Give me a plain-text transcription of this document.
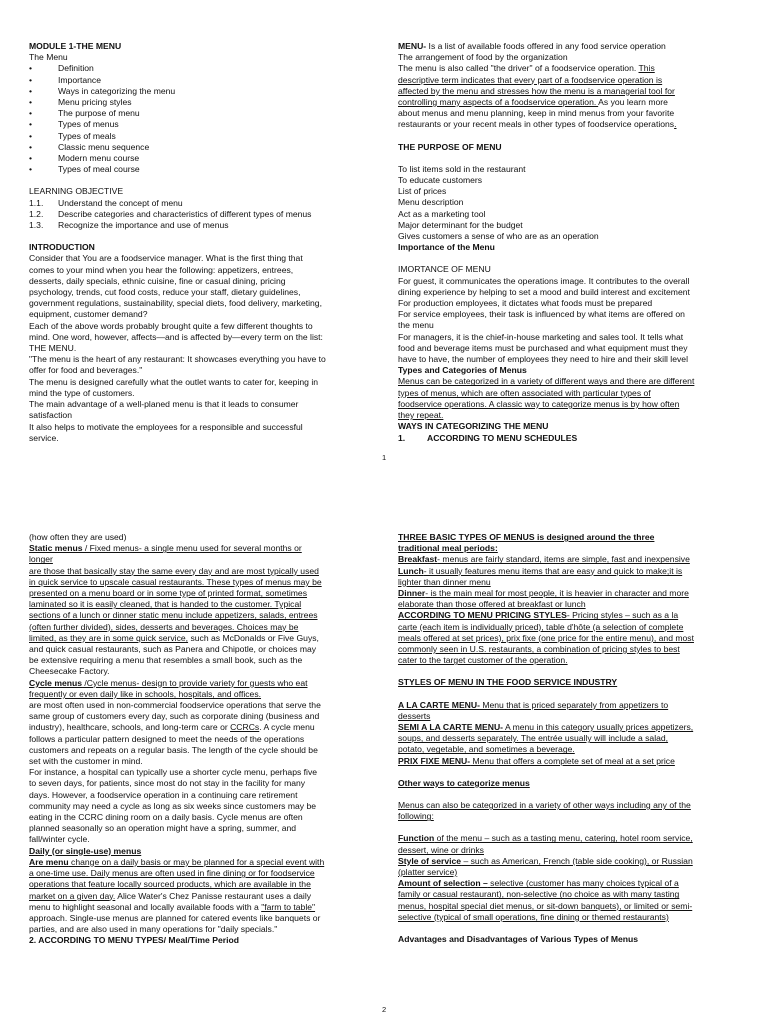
MODULE 1-THE MENU
The Menu
•	Definition
•	Importance
•	Ways in categorizing the menu
•	Menu pricing styles
•	The purpose of menu
•	Types of menus
•	Types of meals
•	Classic menu sequence
•	Modern menu course
•	Types of meal course
LEARNING OBJECTIVE
1.1. Understand the concept of menu
1.2. Describe categories and characteristics of different types of menus
1.3. Recognize the importance and use of menus
INTRODUCTION
Consider that You are a foodservice manager. What is the first thing that
comes to your mind when you hear the following: appetizers, entrees,
desserts, daily specials, ethnic cuisine, fine or casual dining, pricing
psychology, trends, cut food costs, reduce your staff, dietary guidelines,
government regulations, sustainability, special diets, food delivery, marketing,
equipment, customer demand?
Each of the above words probably brought quite a few different thoughts to
mind. One word, however, affects—and is affected by—every term on the list:
THE MENU.
"The menu is the heart of any restaurant: It showcases everything you have to
offer for food and beverages."
The menu is designed carefully what the outlet wants to cater for, keeping in
mind the type of customers.
The main advantage of a well-planed menu is that it leads to consumer
satisfaction
It also helps to motivate the employees for a responsible and successful
service.
MENU- Is a list of available foods offered in any food service operation
The arrangement of food by the organization
The menu is also called "the driver" of a foodservice operation. This
descriptive term indicates that every part of a foodservice operation is
affected by the menu and stresses how the menu is a managerial tool for
controlling many aspects of a foodservice operation. As you learn more
about menus and menu planning, keep in mind menus from your favorite
restaurants or your recent meals in other types of foodservice operations.
THE PURPOSE OF MENU
To list items sold in the restaurant
To educate customers
List of prices
Menu description
Act as a marketing tool
Major determinant for the budget
Gives customers a sense of who are as an operation
Importance of the Menu
IMORTANCE OF MENU
For guest, it communicates the operations image. It contributes to the overall
dining experience by helping to set a mood and build interest and excitement
For production employees, it dictates what foods must be prepared
For service employees, their task is influenced by what items are offered on
the menu
For managers, it is the chief-in-house marketing and sales tool. It tells what
food and beverage items must be purchased and what equipment must they
have to have, the number of employees they need to hire and their skill level
Types and Categories of Menus
Menus can be categorized in a variety of different ways and there are different
types of menus, which are often associated with particular types of
foodservice operations. A classic way to categorize menus is by how often
they repeat.
WAYS IN CATEGORIZING THE MENU
1.	ACCORDING TO MENU SCHEDULES
1
(how often they are used)
Static menus / Fixed menus- a single menu used for several months or
longer
are those that basically stay the same every day and are most typically used
in quick service to upscale casual restaurants. These types of menus may be
presented on a menu board or in some type of printed format, sometimes
laminated so it is easily cleaned, that is handed to the customer. Typical
sections of a lunch or dinner static menu include appetizers, salads, entrees
(often further divided), sides, desserts and beverages. Choices may be
limited, as they are in some quick service, such as McDonalds or Five Guys,
and quick casual restaurants, such as Panera and Chipotle, or choices may
be extensive requiring a menu that resembles a small book, such as the
Cheesecake Factory.
Cycle menus /Cycle menus- design to provide variety for guests who eat
frequently or even daily like in schools, hospitals, and offices.
are most often used in non-commercial foodservice operations that serve the
same group of customers every day, such as corporate dining (business and
industry), healthcare, schools, and long-term care or CCRCs. A cycle menu
follows a particular pattern designed to meet the needs of the operations
customers and repeats on a regular basis. The length of the cycle should be
set with the customer in mind.
For instance, a hospital can typically use a shorter cycle menu, perhaps five
to seven days, for patients, since most do not stay in the facility for many
days. However, a foodservice operation in a continuing care retirement
community may need a cycle as long as six weeks since customers may be
eating in the CCRC dining room on a daily basis. Cycle menus are often
planned seasonally so an operation might have a spring, summer, and
fall/winter cycle.
Daily (or single-use) menus
Are menu change on a daily basis or may be planned for a special event with
a one-time use. Daily menus are often used in fine dining or for foodservice
operations that feature locally sourced products, which are available in the
market on a given day. Alice Water's Chez Panisse restaurant uses a daily
menu to highlight seasonal and locally available foods with a "farm to table"
approach. Single-use menus are planned for catered events like banquets or
parties, and are also used in many operations for "daily specials."
2. ACCORDING TO MENU TYPES/ Meal/Time Period
THREE BASIC TYPES OF MENUS is designed around the three
traditional meal periods:
Breakfast- menus are fairly standard, items are simple, fast and inexpensive
Lunch- it usually features menu items that are easy and quick to make;it is
lighter than dinner menu
Dinner- is the main meal for most people, it is heavier in character and more
elaborate than those offered at breakfast or lunch
ACCORDING TO MENU PRICING STYLES- Pricing styles – such as a la
carte (each item is individually priced), table d'hôte (a selection of complete
meals offered at set prices), prix fixe (one price for the entire menu), and most
commonly seen in U.S. restaurants, a combination of pricing styles to best
cater to the target customer of the operation.
STYLES OF MENU IN THE FOOD SERVICE INDUSTRY
A LA CARTE MENU- Menu that is priced separately from appetizers to
desserts
SEMI A LA CARTE MENU- A menu in this category usually prices appetizers,
soups, and desserts separately. The entrée usually will include a salad,
potato, vegetable, and sometimes a beverage.
PRIX FIXE MENU- Menu that offers a complete set of meal at a set price
Other ways to categorize menus
Menus can also be categorized in a variety of other ways including any of the
following:
Function of the menu – such as a tasting menu, catering, hotel room service,
dessert, wine or drinks
Style of service – such as American, French (table side cooking), or Russian
(platter service)
Amount of selection – selective (customer has many choices typical of a
family or casual restaurant), non-selective (no choice as with many tasting
menus, hospital special diet menus, or sit-down banquets), or limited or semi-
selective (typical of small operations, fine dining or themed restaurants)
Advantages and Disadvantages of Various Types of Menus
2
